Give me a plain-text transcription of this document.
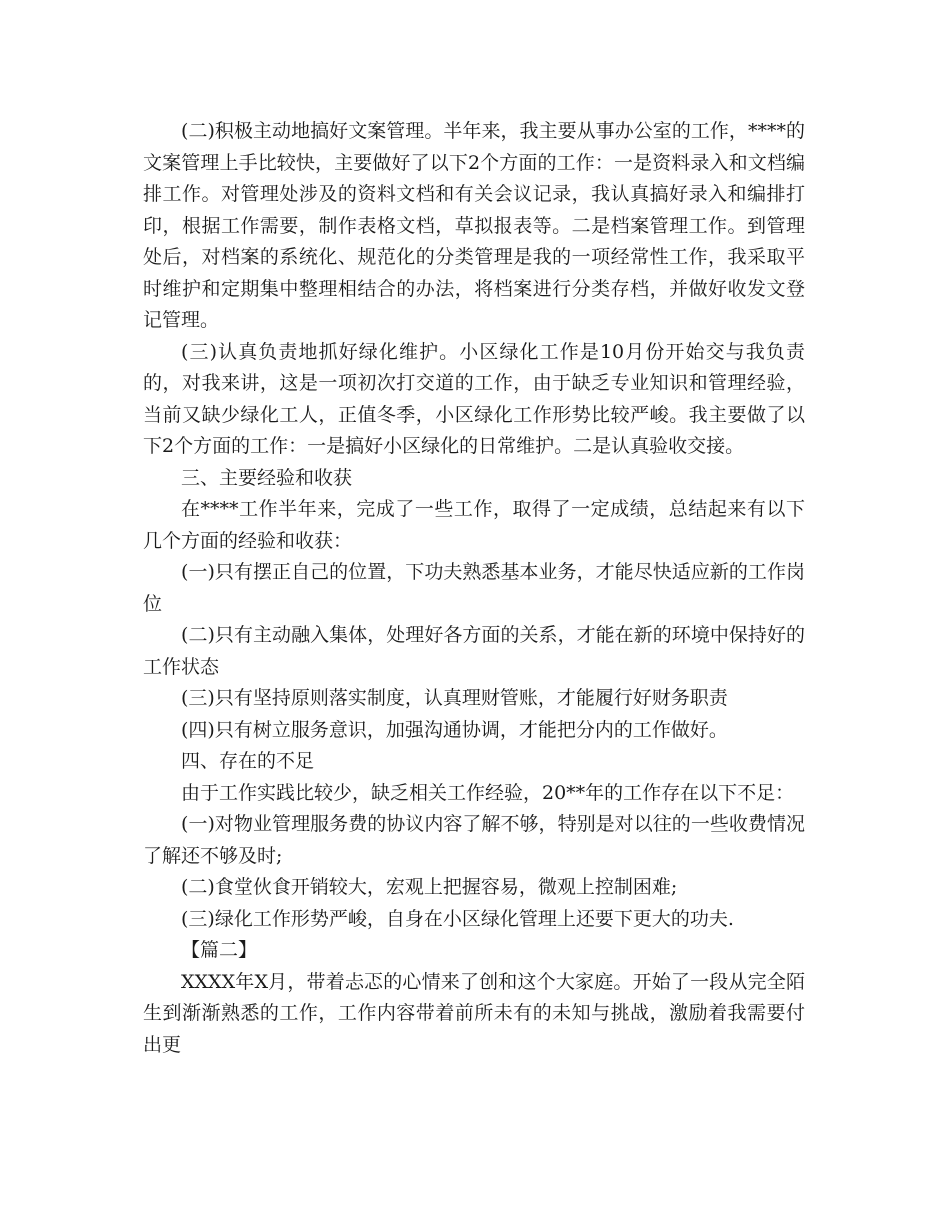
(二)积极主动地搞好文案管理。半年来，我主要从事办公室的工作，****的文案管理上手比较快，主要做好了以下2个方面的工作：一是资料录入和文档编排工作。对管理处涉及的资料文档和有关会议记录，我认真搞好录入和编排打印，根据工作需要，制作表格文档，草拟报表等。二是档案管理工作。到管理处后，对档案的系统化、规范化的分类管理是我的一项经常性工作，我采取平时维护和定期集中整理相结合的办法，将档案进行分类存档，并做好收发文登记管理。

(三)认真负责地抓好绿化维护。小区绿化工作是10月份开始交与我负责的，对我来讲，这是一项初次打交道的工作，由于缺乏专业知识和管理经验，当前又缺少绿化工人，正值冬季，小区绿化工作形势比较严峻。我主要做了以下2个方面的工作：一是搞好小区绿化的日常维护。二是认真验收交接。

三、主要经验和收获

在****工作半年来，完成了一些工作，取得了一定成绩，总结起来有以下几个方面的经验和收获：

(一)只有摆正自己的位置，下功夫熟悉基本业务，才能尽快适应新的工作岗位

(二)只有主动融入集体，处理好各方面的关系，才能在新的环境中保持好的工作状态

(三)只有坚持原则落实制度，认真理财管账，才能履行好财务职责

(四)只有树立服务意识，加强沟通协调，才能把分内的工作做好。

四、存在的不足

由于工作实践比较少，缺乏相关工作经验，20**年的工作存在以下不足：

(一)对物业管理服务费的协议内容了解不够，特别是对以往的一些收费情况了解还不够及时;

(二)食堂伙食开销较大，宏观上把握容易，微观上控制困难;

(三)绿化工作形势严峻，自身在小区绿化管理上还要下更大的功夫.

【篇二】

XXXX年X月，带着忐忑的心情来了创和这个大家庭。开始了一段从完全陌生到渐渐熟悉的工作，工作内容带着前所未有的未知与挑战，激励着我需要付出更
